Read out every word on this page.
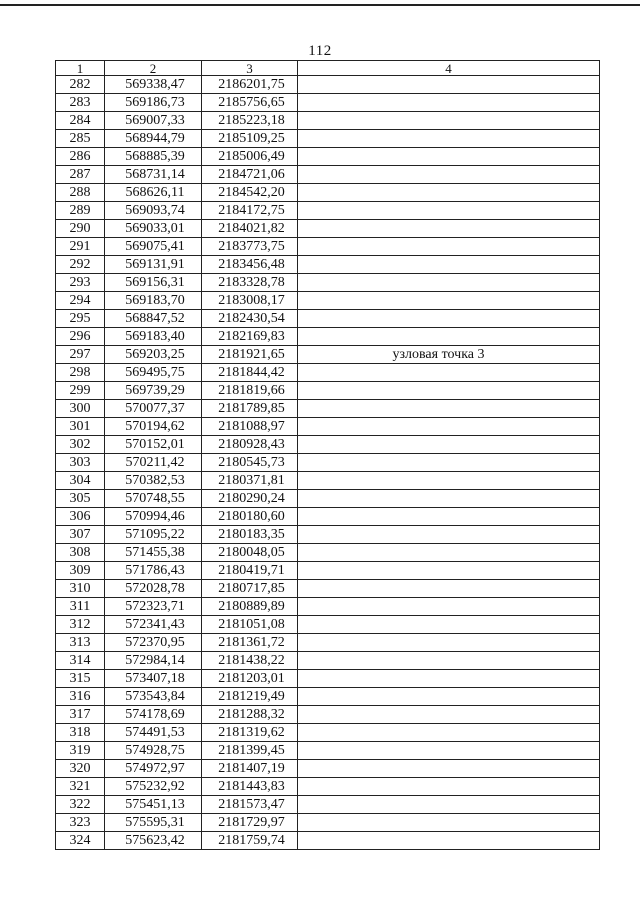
112
1	2	3	4
282	569338,47	2186201,75	
283	569186,73	2185756,65	
284	569007,33	2185223,18	
285	568944,79	2185109,25	
286	568885,39	2185006,49	
287	568731,14	2184721,06	
288	568626,11	2184542,20	
289	569093,74	2184172,75	
290	569033,01	2184021,82	
291	569075,41	2183773,75	
292	569131,91	2183456,48	
293	569156,31	2183328,78	
294	569183,70	2183008,17	
295	568847,52	2182430,54	
296	569183,40	2182169,83	
297	569203,25	2181921,65	узловая точка 3
298	569495,75	2181844,42	
299	569739,29	2181819,66	
300	570077,37	2181789,85	
301	570194,62	2181088,97	
302	570152,01	2180928,43	
303	570211,42	2180545,73	
304	570382,53	2180371,81	
305	570748,55	2180290,24	
306	570994,46	2180180,60	
307	571095,22	2180183,35	
308	571455,38	2180048,05	
309	571786,43	2180419,71	
310	572028,78	2180717,85	
311	572323,71	2180889,89	
312	572341,43	2181051,08	
313	572370,95	2181361,72	
314	572984,14	2181438,22	
315	573407,18	2181203,01	
316	573543,84	2181219,49	
317	574178,69	2181288,32	
318	574491,53	2181319,62	
319	574928,75	2181399,45	
320	574972,97	2181407,19	
321	575232,92	2181443,83	
322	575451,13	2181573,47	
323	575595,31	2181729,97	
324	575623,42	2181759,74	
